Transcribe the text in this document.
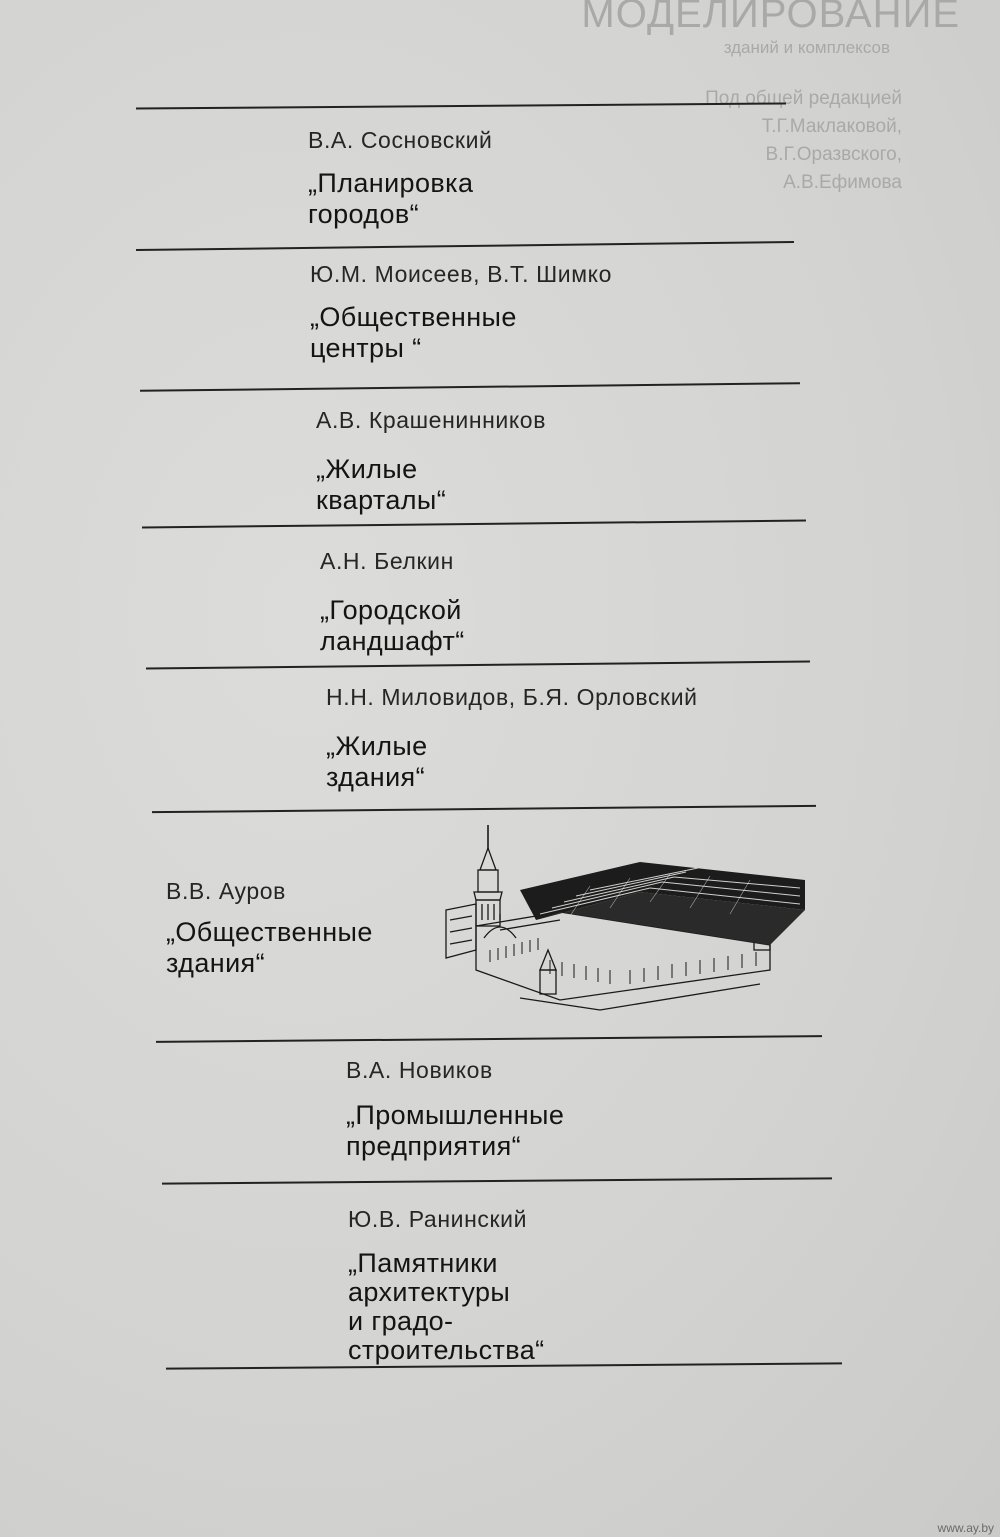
МОДЕЛИРОВАНИЕ
зданий и комплексов
Под общей редакцией
Т.Г.Маклаковой,
В.Г.Оразвского,
А.В.Ефимова
В.А. Сосновский
„Планировка
городов“
Ю.М. Моисеев, В.Т. Шимко
„Общественные
центры “
А.В. Крашенинников
„Жилые
кварталы“
А.Н. Белкин
„Городской
ландшафт“
Н.Н. Миловидов, Б.Я. Орловский
„Жилые
здания“
В.В. Ауров
„Общественные
здания“
В.А. Новиков
„Промышленные
предприятия“
Ю.В. Ранинский
„Памятники
архитектуры
и градо-
строительства“
www.ay.by
